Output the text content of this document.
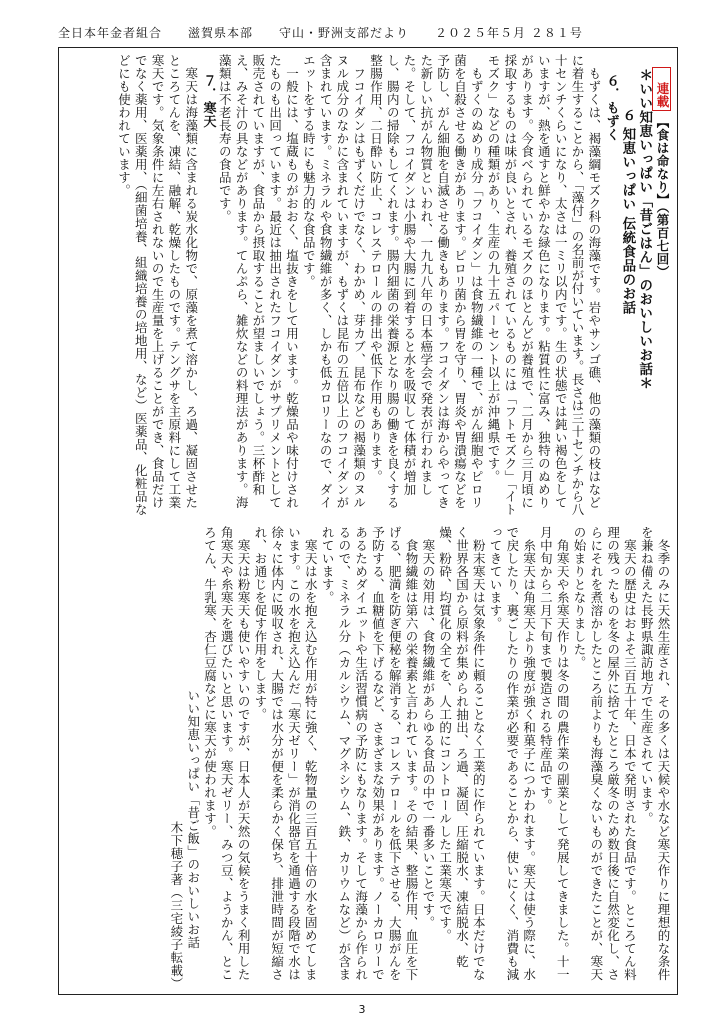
全日本年金者組合 滋賀県本部 守山・野洲支部だより ２０２５年５月 ２８１号

連載【食は命なり】（第百七回）

＊いい知恵いっぱい「昔ごはん」のおいしいお話＊

６ 知恵いっぱい 伝統食品のお話

６．もずく

もずくは、褐藻綱モズク科の海藻です。岩やサンゴ礁、他の藻類の枝はなどに着生することから、「藻付」の名前が付いています。長さは三十センチから八十センチくらいになり、太さは一ミリ以内です。生の状態では鈍い褐色をしていますが、熱を通すと鮮やかな緑色になります。粘質性に富み、独特のぬめりがあります。今食べられているモズクのほとんどが養殖で、二月から三月頃に採取するものは味が良いとされ、養殖されているものには「フトモズク」「イトモズク」などの種類があり、生産の九十五パーセント以上が沖縄県です。

もずくのぬめり成分「フコイダン」は食物繊維の一種で、がん細胞やピロリ菌を自殺させる働きがあります。ピロリ菌から胃を守り、胃炎や胃潰瘍などを予防し、がん細胞を自滅させる働きもあります。フコイダンは海からやってきた新しい抗がん物質といわれ、一九九八年の日本癌学会で発表が行われました。そして、フコイダンは小腸や大腸に到着すると水を吸収して体積が増加し、腸内の掃除もしてくれます。腸内細菌の栄養源となり腸の働きを良くする整腸作用、二日酔い防止、コレステロールの排出や低下作用もあります。

フコイダンはもずくだけでなく、わかめ、芽カブ、昆布などの褐藻類のヌルヌル成分のなかに含まれていますが、もずくは昆布の五倍以上のフコイダンが含まれています。ミネラルや食物繊維が多く、しかも低カロリーなので、ダイエットをする時にも魅力的な食品です。

一般には、塩蔵ものがおおく、塩抜きをして用います。乾燥品や味付けされたものも出回っています。最近は抽出されたフコイダンがサプリメントとして販売されていますが、食品から摂取することが望ましいでしょう。三杯酢和え、みそ汁の具などがあります。てんぷら、雑炊などの料理法があります。海藻類は不老長寿の食品です。

７．寒天

寒天は海藻類に含まれる炭水化物で、原藻を煮て溶かし、ろ過、凝固させたところてんを、凍結、融解、乾燥したものです。テングサを主原料にして工業寒天です。気象条件に左右されないので生産量を上げることができ、食品だけでなく薬用、医薬用、（細菌培養、組織培養の培地用、など）医薬品、化粧品などにも使われています。

冬季のみに天然生産され、その多くは天候や水など寒天作りに理想的な条件を兼ね備えた長野県諏訪地方で生産されています。

寒天の歴史はおよそ三百五十年、日本で発明された食品です。ところてん料理の残ったものを冬の屋外に捨てたところ厳冬のため数日後に自然変化し、さらにそれを煮溶かしたところ前よりも海藻臭くないものができたことが、寒天の始まりとなりました。

角寒天や糸寒天作りは冬の間の農作業の副業として発展してきました。十一月中旬から二月下旬まで製造される特産品です。

糸寒天は角寒天より強度が強く和菓子につかわれます。寒天は使う際に、水で戻したり、裏ごしたりの作業が必要であることから、使いにくく、消費も減ってきています。

粉末寒天は気象条件に頼ることなく工業的に作られています。日本だけでなく世界各国から原料が集められ抽出、ろ過、凝固、圧縮脱水、凍結脱水、乾燥、粉砕、均質化の全てを、人工的にコントロールした工業寒天です。

寒天の効用は、食物繊維があらゆる食品の中で一番多いことです。

食物繊維は第六の栄養素と言われています。その結果、整腸作用、血圧を下げる、肥満を防ぎ便秘を解消する、コレステロールを低下させる、大腸がんを予防する、血糖値を下げるなど、さまざまな効果があります。ノーカロリーであるためダイエットや生活習慣病の予防にもなります。そして海藻から作られるので、ミネラル分（カルシウム、マグネシウム、鉄、カリウムなど）が含まれています。

寒天は水を抱え込む作用が特に強く、乾物量の三百五十倍の水を固めてしまいます。この水を抱え込んだ「寒天ゼリー」が消化器官を通過する段階で水は徐々に体内に吸収され、大腸では水分が便を柔らかく保ち、排泄時間が短縮され、お通じを促す作用をします。

寒天は粉寒天も使いやすいのですが、日本人が天然の気候をうまく利用した角寒天や糸寒天を選びたいと思います。寒天ゼリー、みつ豆、ようかん、ところてん、牛乳寒、杏仁豆腐などに寒天が使われます。

いい知恵いっぱい「昔ご飯」のおいしいお話

木下穂子著（三宅綾子転載）

3
